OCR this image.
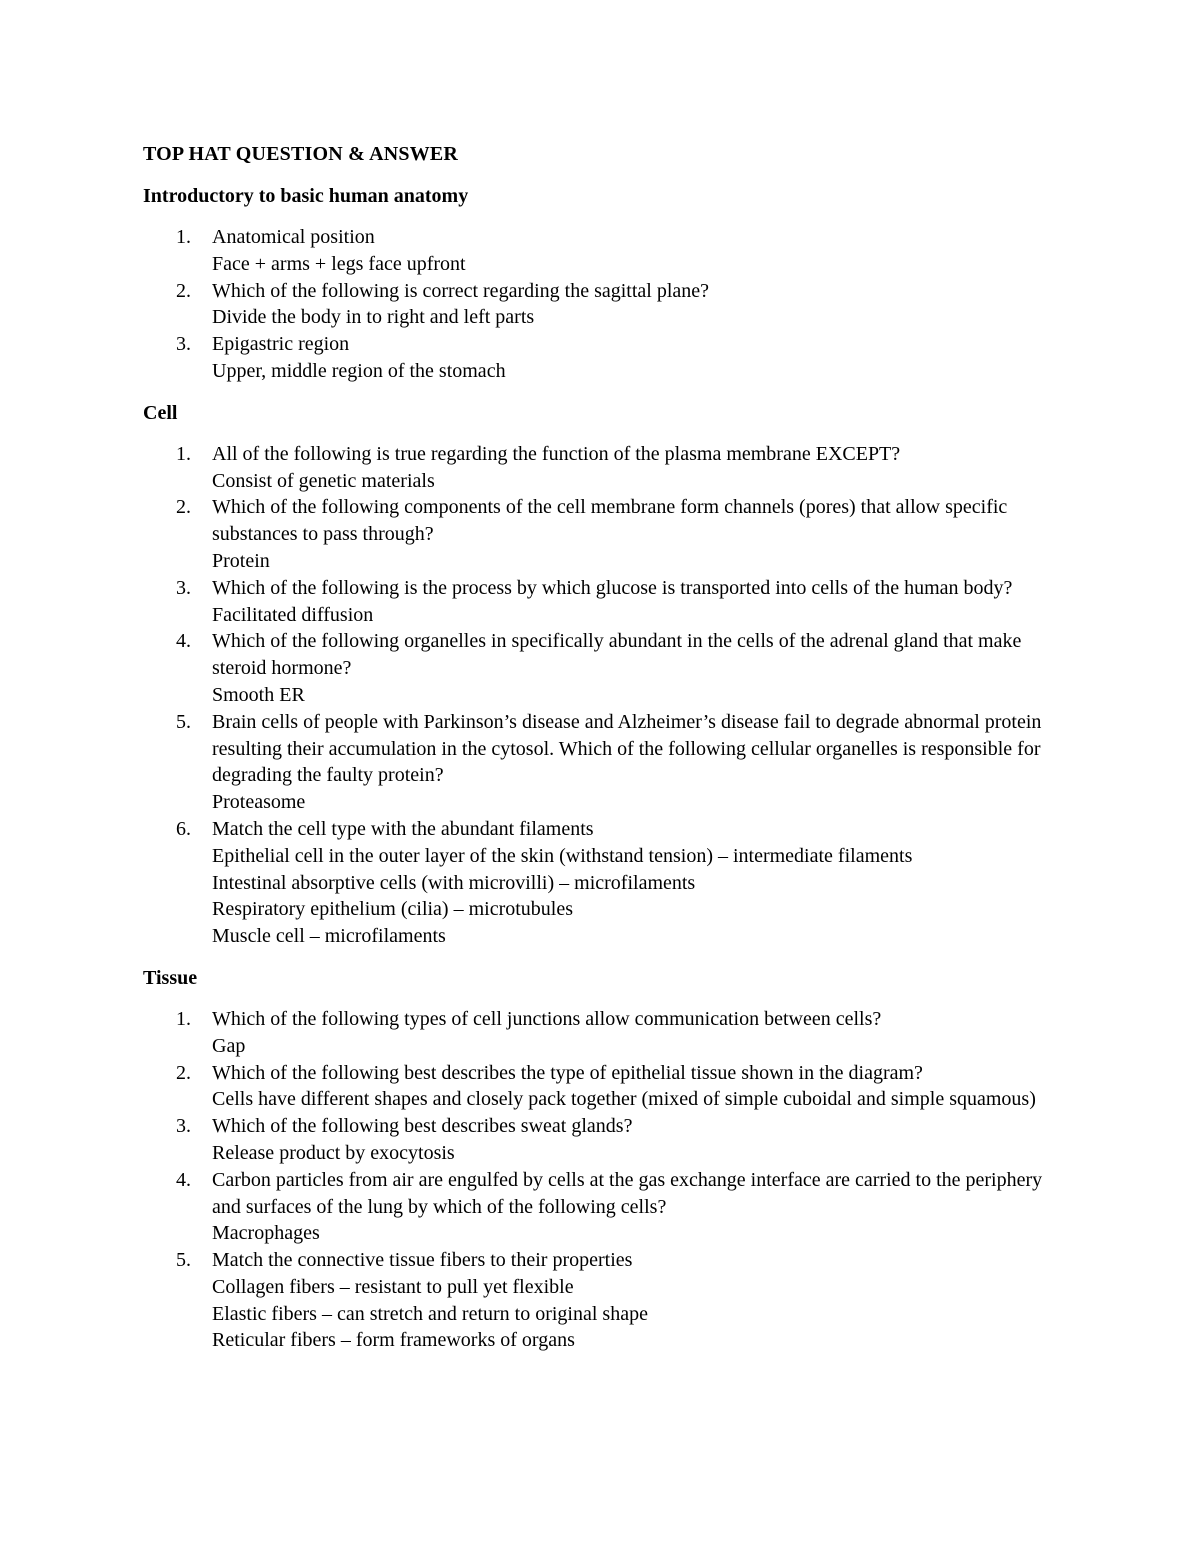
TOP HAT QUESTION & ANSWER
Introductory to basic human anatomy
1.	Anatomical position
Face + arms + legs face upfront
2.	Which of the following is correct regarding the sagittal plane?
Divide the body in to right and left parts
3.	Epigastric region
Upper, middle region of the stomach
Cell
1.	All of the following is true regarding the function of the plasma membrane EXCEPT?
Consist of genetic materials
2.	Which of the following components of the cell membrane form channels (pores) that allow specific substances to pass through?
Protein
3.	Which of the following is the process by which glucose is transported into cells of the human body?
Facilitated diffusion
4.	Which of the following organelles in specifically abundant in the cells of the adrenal gland that make steroid hormone?
Smooth ER
5.	Brain cells of people with Parkinson’s disease and Alzheimer’s disease fail to degrade abnormal protein resulting their accumulation in the cytosol. Which of the following cellular organelles is responsible for degrading the faulty protein?
Proteasome
6.	Match the cell type with the abundant filaments
Epithelial cell in the outer layer of the skin (withstand tension) – intermediate filaments
Intestinal absorptive cells (with microvilli) – microfilaments
Respiratory epithelium (cilia) – microtubules
Muscle cell – microfilaments
Tissue
1.	Which of the following types of cell junctions allow communication between cells?
Gap
2.	Which of the following best describes the type of epithelial tissue shown in the diagram?
Cells have different shapes and closely pack together (mixed of simple cuboidal and simple squamous)
3.	Which of the following best describes sweat glands?
Release product by exocytosis
4.	Carbon particles from air are engulfed by cells at the gas exchange interface are carried to the periphery and surfaces of the lung by which of the following cells?
Macrophages
5.	Match the connective tissue fibers to their properties
Collagen fibers – resistant to pull yet flexible
Elastic fibers – can stretch and return to original shape
Reticular fibers – form frameworks of organs
